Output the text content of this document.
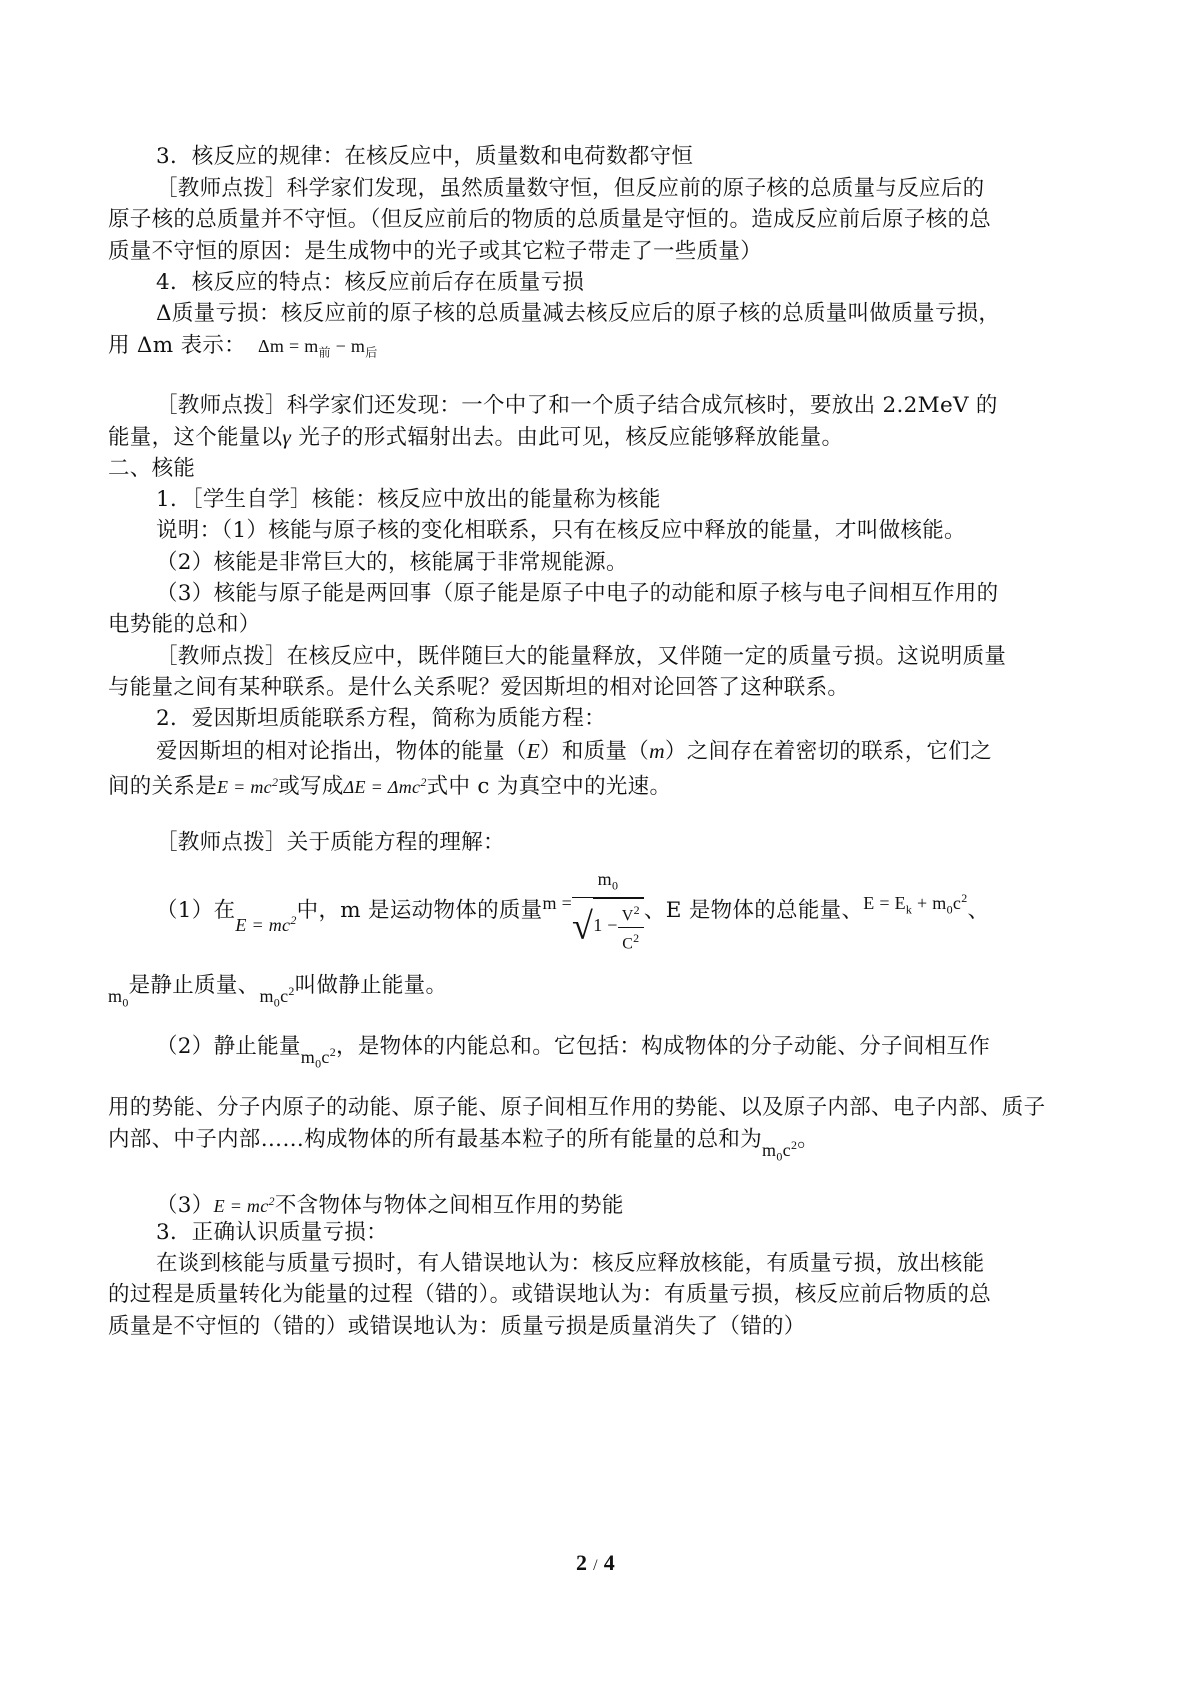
3．核反应的规律：在核反应中，质量数和电荷数都守恒
［教师点拨］科学家们发现，虽然质量数守恒，但反应前的原子核的总质量与反应后的
原子核的总质量并不守恒。（但反应前后的物质的总质量是守恒的。造成反应前后原子核的总
质量不守恒的原因：是生成物中的光子或其它粒子带走了一些质量）
4．核反应的特点：核反应前后存在质量亏损
Δ质量亏损：核反应前的原子核的总质量减去核反应后的原子核的总质量叫做质量亏损，
用 Δm 表示： $\Delta m = m_前 - m_后$
［教师点拨］科学家们还发现：一个中了和一个质子结合成氘核时，要放出 2.2MeV 的
能量，这个能量以γ 光子的形式辐射出去。由此可见，核反应能够释放能量。
二、核能
1．［学生自学］核能：核反应中放出的能量称为核能
说明：（1）核能与原子核的变化相联系，只有在核反应中释放的能量，才叫做核能。
（2）核能是非常巨大的，核能属于非常规能源。
（3）核能与原子能是两回事（原子能是原子中电子的动能和原子核与电子间相互作用的
电势能的总和）
［教师点拨］在核反应中，既伴随巨大的能量释放，又伴随一定的质量亏损。这说明质量
与能量之间有某种联系。是什么关系呢？爱因斯坦的相对论回答了这种联系。
2．爱因斯坦质能联系方程，简称为质能方程：
爱因斯坦的相对论指出，物体的能量（E）和质量（m）之间存在着密切的联系，它们之
间的关系是$E = mc^2$或写成ΔE = Δmc$^2$式中 c 为真空中的光速。
［教师点拨］关于质能方程的理解：
（1）在$_{E = mc^2}$中，m 是运动物体的质量$^{m =} \frac{m_0}{√1 - \frac{V^2}{C^2}}$ 、E 是物体的总能量、$^{E = E_k + m_0c^2}$、
$_{m_0}$是静止质量、$_{m_0c^2}$叫做静止能量。
（2）静止能量$_{m_0c^2}$，是物体的内能总和。它包括：构成物体的分子动能、分子间相互作
用的势能、分子内原子的动能、原子能、原子间相互作用的势能、以及原子内部、电子内部、质子
内部、中子内部……构成物体的所有最基本粒子的所有能量的总和为$_{m_0c^2}$。
$(3)E = mc^2$不含物体与物体之间相互作用的势能
3．正确认识质量亏损：
在谈到核能与质量亏损时，有人错误地认为：核反应释放核能，有质量亏损，放出核能
的过程是质量转化为能量的过程（错的）。或错误地认为：有质量亏损，核反应前后物质的总
质量是不守恒的（错的）或错误地认为：质量亏损是质量消失了（错的）
2 / 4
